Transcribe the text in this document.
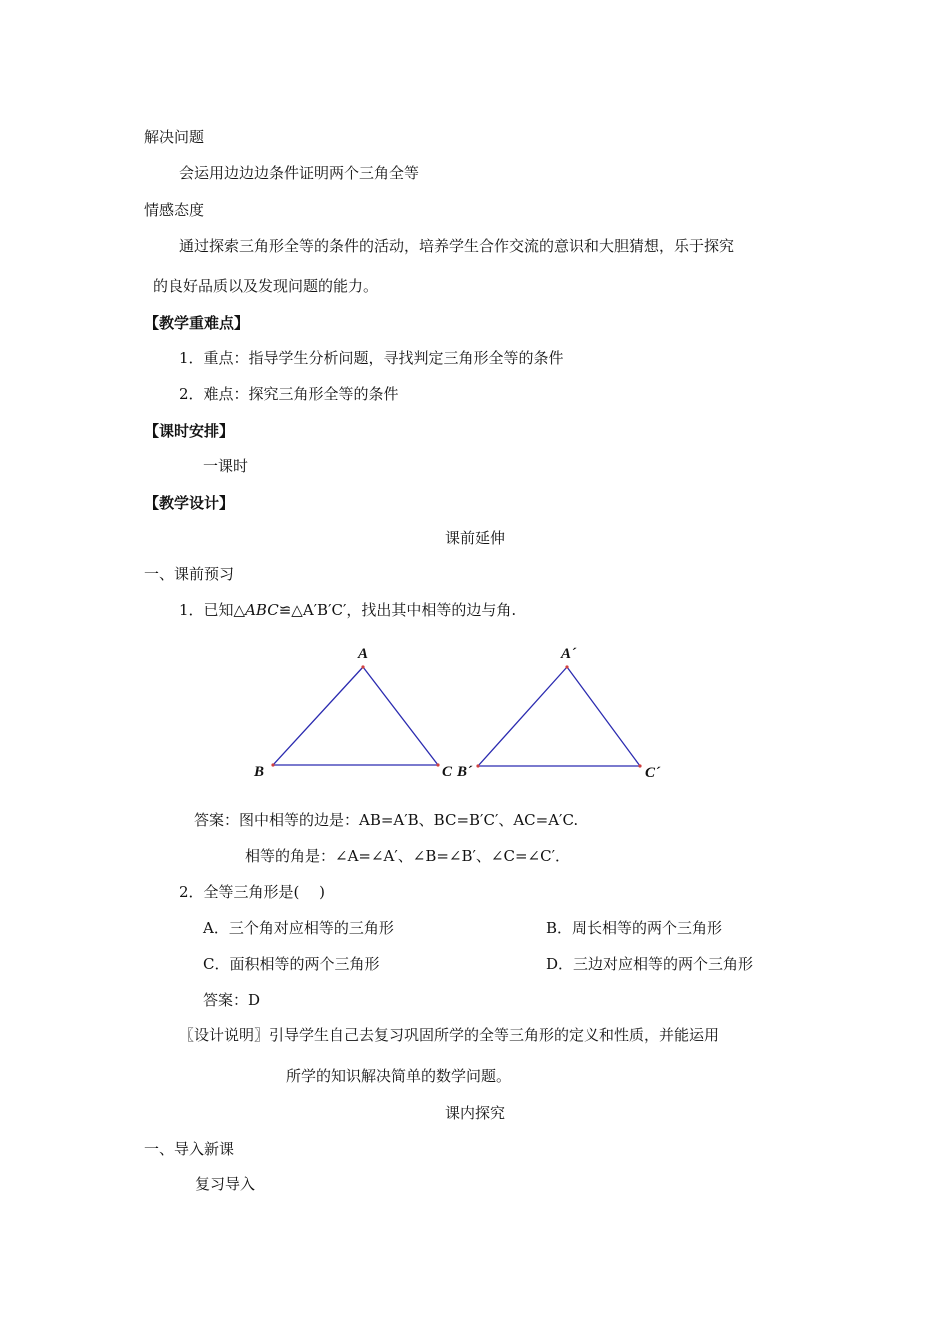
解决问题
会运用边边边条件证明两个三角全等
情感态度
通过探索三角形全等的条件的活动，培养学生合作交流的意识和大胆猜想，乐于探究
的良好品质以及发现问题的能力。
【教学重难点】
1．重点：指导学生分析问题，寻找判定三角形全等的条件
2．难点：探究三角形全等的条件
【课时安排】
一课时
【教学设计】
课前延伸
一、课前预习
1．已知△ABC≌△A′B′C′，找出其中相等的边与角.
A
B	C
A´
B´	C´
答案：图中相等的边是：AB=A′B、BC=B′C′、AC=A′C.
相等的角是：∠A=∠A′、∠B=∠B′、∠C=∠C′．
2．全等三角形是(　 )
A．三个角对应相等的三角形	B．周长相等的两个三角形
C．面积相等的两个三角形	D．三边对应相等的两个三角形
答案：D
〖设计说明〗引导学生自己去复习巩固所学的全等三角形的定义和性质，并能运用
所学的知识解决简单的数学问题。
课内探究
一、导入新课
复习导入
